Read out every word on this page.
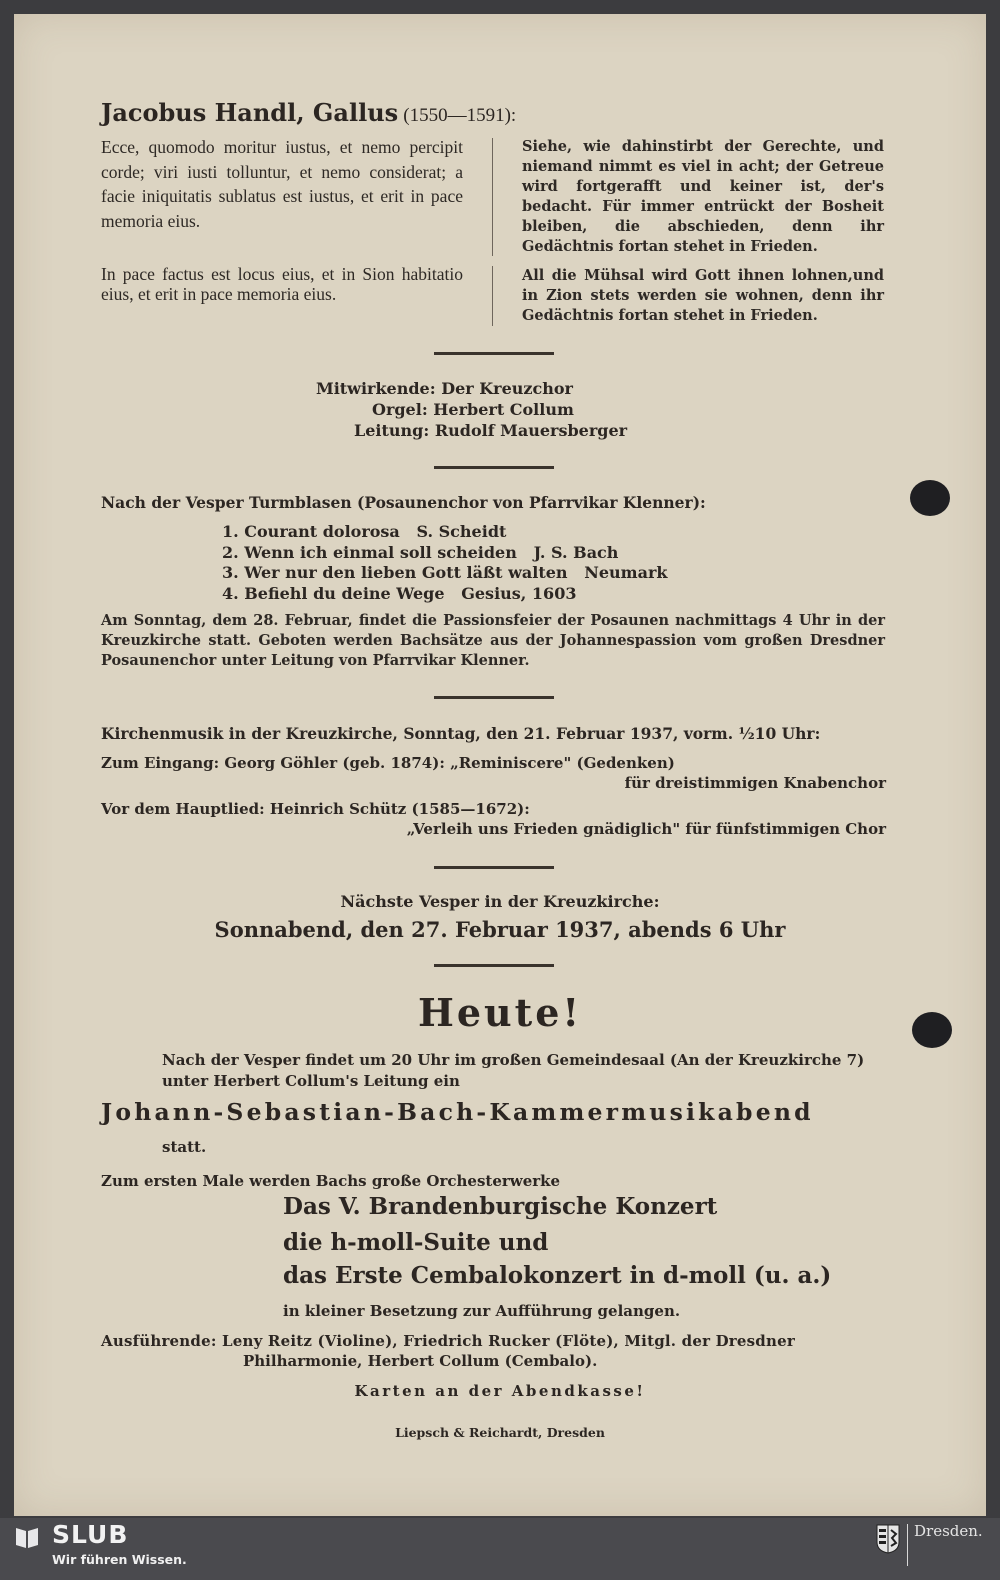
Jacobus Handl, Gallus (1550—1591):
Ecce, quomodo moritur iustus, et nemo percipit corde; viri iusti tolluntur, et nemo considerat; a facie iniquitatis sublatus est iustus, et erit in pace memoria eius.
In pace factus est locus eius, et in Sion habitatio eius, et erit in pace memoria eius.
Siehe, wie dahinstirbt der Gerechte, und niemand nimmt es viel in acht; der Getreue wird fortgerafft und keiner ist, der's bedacht. Für immer entrückt der Bosheit bleiben, die abschieden, denn ihr Gedächtnis fortan stehet in Frieden.
All die Mühsal wird Gott ihnen lohnen,und in Zion stets werden sie wohnen, denn ihr Gedächtnis fortan stehet in Frieden.
Mitwirkende: Der Kreuzchor
Orgel: Herbert Collum
Leitung: Rudolf Mauersberger
Nach der Vesper Turmblasen (Posaunenchor von Pfarrvikar Klenner):
1. Courant dolorosa   S. Scheidt
2. Wenn ich einmal soll scheiden   J. S. Bach
3. Wer nur den lieben Gott läßt walten   Neumark
4. Befiehl du deine Wege   Gesius, 1603
Am Sonntag, dem 28. Februar, findet die Passionsfeier der Posaunen nachmittags 4 Uhr in der Kreuzkirche statt. Geboten werden Bachsätze aus der Johannespassion vom großen Dresdner Posaunenchor unter Leitung von Pfarrvikar Klenner.
Kirchenmusik in der Kreuzkirche, Sonntag, den 21. Februar 1937, vorm. ½10 Uhr:
Zum Eingang: Georg Göhler (geb. 1874): „Reminiscere" (Gedenken)
für dreistimmigen Knabenchor
Vor dem Hauptlied: Heinrich Schütz (1585—1672):
„Verleih uns Frieden gnädiglich" für fünfstimmigen Chor
Nächste Vesper in der Kreuzkirche:
Sonnabend, den 27. Februar 1937, abends 6 Uhr
Heute!
Nach der Vesper findet um 20 Uhr im großen Gemeindesaal (An der Kreuzkirche 7)
unter Herbert Collum's Leitung ein
Johann-Sebastian-Bach-Kammermusikabend
statt.
Zum ersten Male werden Bachs große Orchesterwerke
Das V. Brandenburgische Konzert
die h-moll-Suite und
das Erste Cembalokonzert in d-moll (u. a.)
in kleiner Besetzung zur Aufführung gelangen.
Ausführende: Leny Reitz (Violine), Friedrich Rucker (Flöte), Mitgl. der Dresdner
Philharmonie, Herbert Collum (Cembalo).
Karten an der Abendkasse!
Liepsch & Reichardt, Dresden
SLUB
Wir führen Wissen.
Dresden.
